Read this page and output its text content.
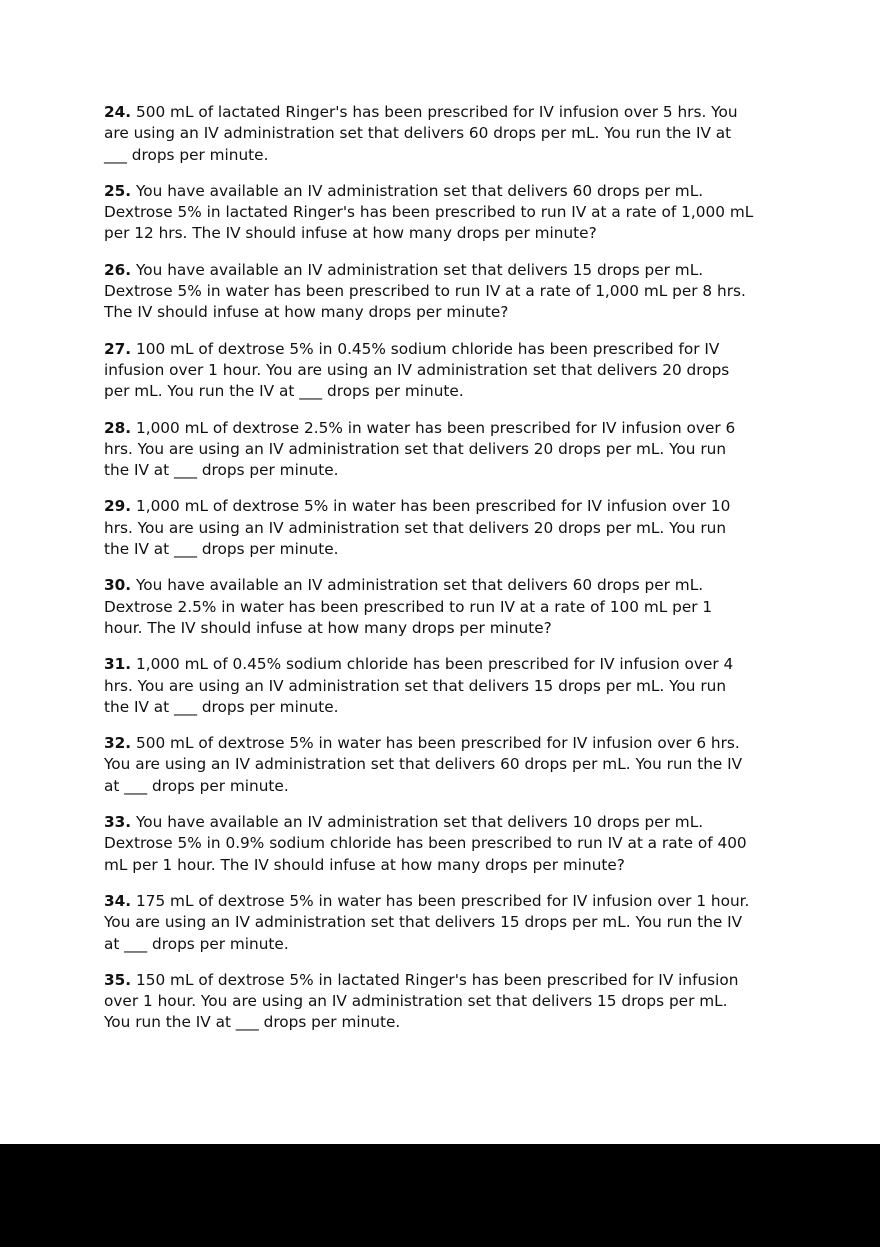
24. 500 mL of lactated Ringer's has been prescribed for IV infusion over 5 hrs. You
are using an IV administration set that delivers 60 drops per mL. You run the IV at
___ drops per minute.

25. You have available an IV administration set that delivers 60 drops per mL.
Dextrose 5% in lactated Ringer's has been prescribed to run IV at a rate of 1,000 mL
per 12 hrs. The IV should infuse at how many drops per minute?

26. You have available an IV administration set that delivers 15 drops per mL.
Dextrose 5% in water has been prescribed to run IV at a rate of 1,000 mL per 8 hrs.
The IV should infuse at how many drops per minute?

27. 100 mL of dextrose 5% in 0.45% sodium chloride has been prescribed for IV
infusion over 1 hour. You are using an IV administration set that delivers 20 drops
per mL. You run the IV at ___ drops per minute.

28. 1,000 mL of dextrose 2.5% in water has been prescribed for IV infusion over 6
hrs. You are using an IV administration set that delivers 20 drops per mL. You run
the IV at ___ drops per minute.

29. 1,000 mL of dextrose 5% in water has been prescribed for IV infusion over 10
hrs. You are using an IV administration set that delivers 20 drops per mL. You run
the IV at ___ drops per minute.

30. You have available an IV administration set that delivers 60 drops per mL.
Dextrose 2.5% in water has been prescribed to run IV at a rate of 100 mL per 1
hour. The IV should infuse at how many drops per minute?

31. 1,000 mL of 0.45% sodium chloride has been prescribed for IV infusion over 4
hrs. You are using an IV administration set that delivers 15 drops per mL. You run
the IV at ___ drops per minute.

32. 500 mL of dextrose 5% in water has been prescribed for IV infusion over 6 hrs.
You are using an IV administration set that delivers 60 drops per mL. You run the IV
at ___ drops per minute.

33. You have available an IV administration set that delivers 10 drops per mL.
Dextrose 5% in 0.9% sodium chloride has been prescribed to run IV at a rate of 400
mL per 1 hour. The IV should infuse at how many drops per minute?

34. 175 mL of dextrose 5% in water has been prescribed for IV infusion over 1 hour.
You are using an IV administration set that delivers 15 drops per mL. You run the IV
at ___ drops per minute.

35. 150 mL of dextrose 5% in lactated Ringer's has been prescribed for IV infusion
over 1 hour. You are using an IV administration set that delivers 15 drops per mL.
You run the IV at ___ drops per minute.
